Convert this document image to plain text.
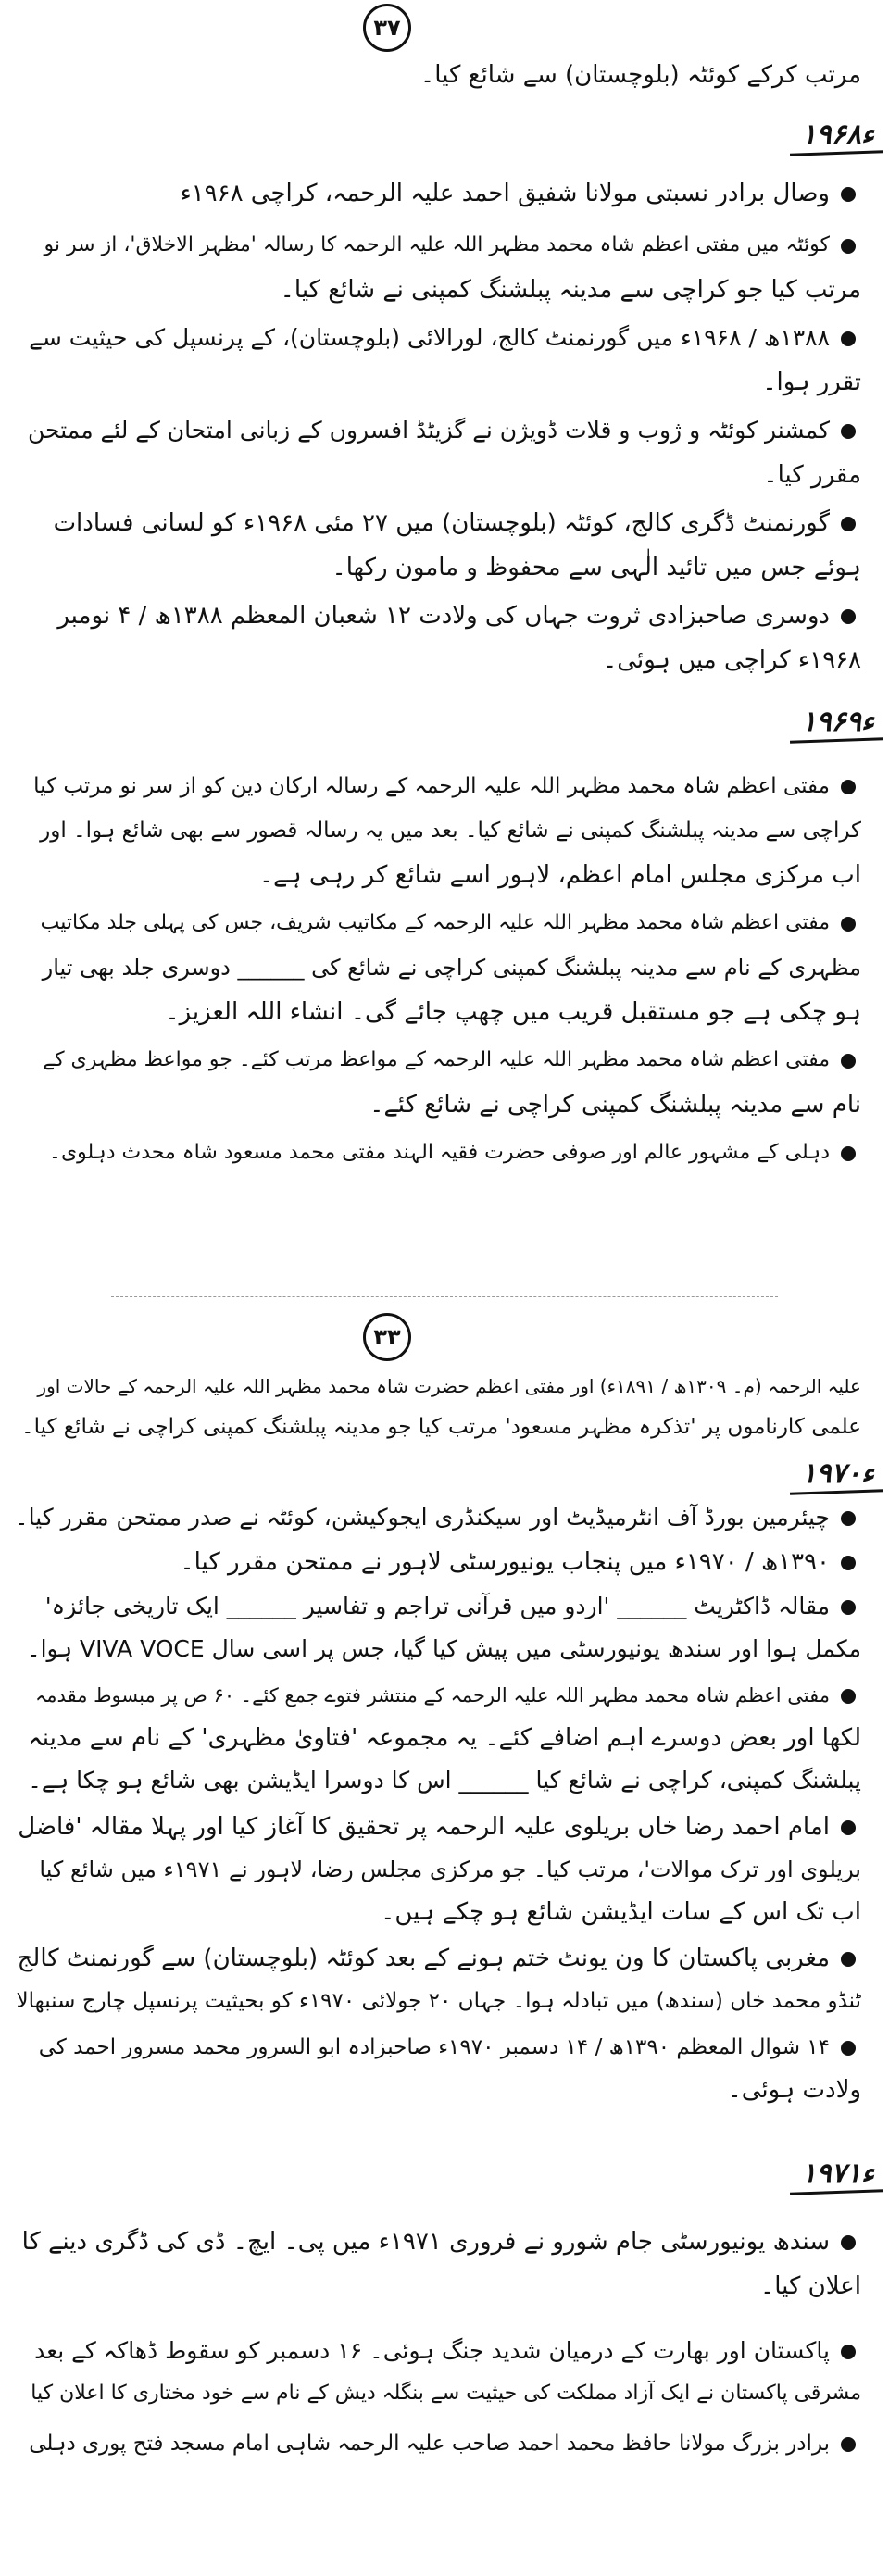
۳۷
مرتب کرکے کوئٹہ (بلوچستان) سے شائع کیا۔
۱۹۶۸ء
وصال برادر نسبتی مولانا شفیق احمد علیہ الرحمہ، کراچی ۱۹۶۸ء
کوئٹہ میں مفتی اعظم شاہ محمد مظہر اللہ علیہ الرحمہ کا رسالہ 'مظہر الاخلاق'، از سر نو
مرتب کیا جو کراچی سے مدینہ پبلشنگ کمپنی نے شائع کیا۔
۱۳۸۸ھ / ۱۹۶۸ء میں گورنمنٹ کالج، لورالائی (بلوچستان)، کے پرنسپل کی حیثیت سے
تقرر ہوا۔
کمشنر کوئٹہ و ژوب و قلات ڈویژن نے گزیٹڈ افسروں کے زبانی امتحان کے لئے ممتحن
مقرر کیا۔
گورنمنٹ ڈگری کالج، کوئٹہ (بلوچستان) میں ۲۷ مئی ۱۹۶۸ء کو لسانی فسادات
ہوئے جس میں تائید الٰہی سے محفوظ و مامون رکھا۔
دوسری صاحبزادی ثروت جہاں کی ولادت ۱۲ شعبان المعظم ۱۳۸۸ھ / ۴ نومبر
۱۹۶۸ء کراچی میں ہوئی۔
۱۹۶۹ء
مفتی اعظم شاہ محمد مظہر اللہ علیہ الرحمہ کے رسالہ ارکان دین کو از سر نو مرتب کیا
کراچی سے مدینہ پبلشنگ کمپنی نے شائع کیا۔ بعد میں یہ رسالہ قصور سے بھی شائع ہوا۔ اور
اب مرکزی مجلس امام اعظم، لاہور اسے شائع کر رہی ہے۔
مفتی اعظم شاہ محمد مظہر اللہ علیہ الرحمہ کے مکاتیب شریف، جس کی پہلی جلد مکاتیب
مظہری کے نام سے مدینہ پبلشنگ کمپنی کراچی نے شائع کی ______ دوسری جلد بھی تیار
ہو چکی ہے جو مستقبل قریب میں چھپ جائے گی۔ انشاء اللہ العزیز۔
مفتی اعظم شاہ محمد مظہر اللہ علیہ الرحمہ کے مواعظ مرتب کئے۔ جو مواعظ مظہری کے
نام سے مدینہ پبلشنگ کمپنی کراچی نے شائع کئے۔
دہلی کے مشہور عالم اور صوفی حضرت فقیہ الہند مفتی محمد مسعود شاہ محدث دہلوی۔
۳۳
علیہ الرحمہ (م۔ ۱۳۰۹ھ / ۱۸۹۱ء) اور مفتی اعظم حضرت شاہ محمد مظہر اللہ علیہ الرحمہ کے حالات اور
علمی کارناموں پر 'تذکرہ مظہر مسعود' مرتب کیا جو مدینہ پبلشنگ کمپنی کراچی نے شائع کیا۔
۱۹۷۰ء
چیئرمین بورڈ آف انٹرمیڈیٹ اور سیکنڈری ایجوکیشن، کوئٹہ نے صدر ممتحن مقرر کیا۔
۱۳۹۰ھ / ۱۹۷۰ء میں پنجاب یونیورسٹی لاہور نے ممتحن مقرر کیا۔
مقالہ ڈاکٹریٹ ______ 'اردو میں قرآنی تراجم و تفاسیر ______ ایک تاریخی جائزہ'
مکمل ہوا اور سندھ یونیورسٹی میں پیش کیا گیا، جس پر اسی سال VIVA VOCE ہوا۔
مفتی اعظم شاہ محمد مظہر اللہ علیہ الرحمہ کے منتشر فتوے جمع کئے۔ ۶۰ ص پر مبسوط مقدمہ
لکھا اور بعض دوسرے اہم اضافے کئے۔ یہ مجموعہ 'فتاویٰ مظہری' کے نام سے مدینہ
پبلشنگ کمپنی، کراچی نے شائع کیا ______ اس کا دوسرا ایڈیشن بھی شائع ہو چکا ہے۔
امام احمد رضا خاں بریلوی علیہ الرحمہ پر تحقیق کا آغاز کیا اور پہلا مقالہ 'فاضل
بریلوی اور ترک موالات'، مرتب کیا۔ جو مرکزی مجلس رضا، لاہور نے ۱۹۷۱ء میں شائع کیا
اب تک اس کے سات ایڈیشن شائع ہو چکے ہیں۔
مغربی پاکستان کا ون یونٹ ختم ہونے کے بعد کوئٹہ (بلوچستان) سے گورنمنٹ کالج
ٹنڈو محمد خاں (سندھ) میں تبادلہ ہوا۔ جہاں ۲۰ جولائی ۱۹۷۰ء کو بحیثیت پرنسپل چارج سنبھالا
۱۴ شوال المعظم ۱۳۹۰ھ / ۱۴ دسمبر ۱۹۷۰ء صاحبزادہ ابو السرور محمد مسرور احمد کی
ولادت ہوئی۔
۱۹۷۱ء
سندھ یونیورسٹی جام شورو نے فروری ۱۹۷۱ء میں پی۔ ایچ۔ ڈی کی ڈگری دینے کا
اعلان کیا۔
پاکستان اور بھارت کے درمیان شدید جنگ ہوئی۔ ۱۶ دسمبر کو سقوط ڈھاکہ کے بعد
مشرقی پاکستان نے ایک آزاد مملکت کی حیثیت سے بنگلہ دیش کے نام سے خود مختاری کا اعلان کیا
برادر بزرگ مولانا حافظ محمد احمد صاحب علیہ الرحمہ شاہی امام مسجد فتح پوری دہلی
